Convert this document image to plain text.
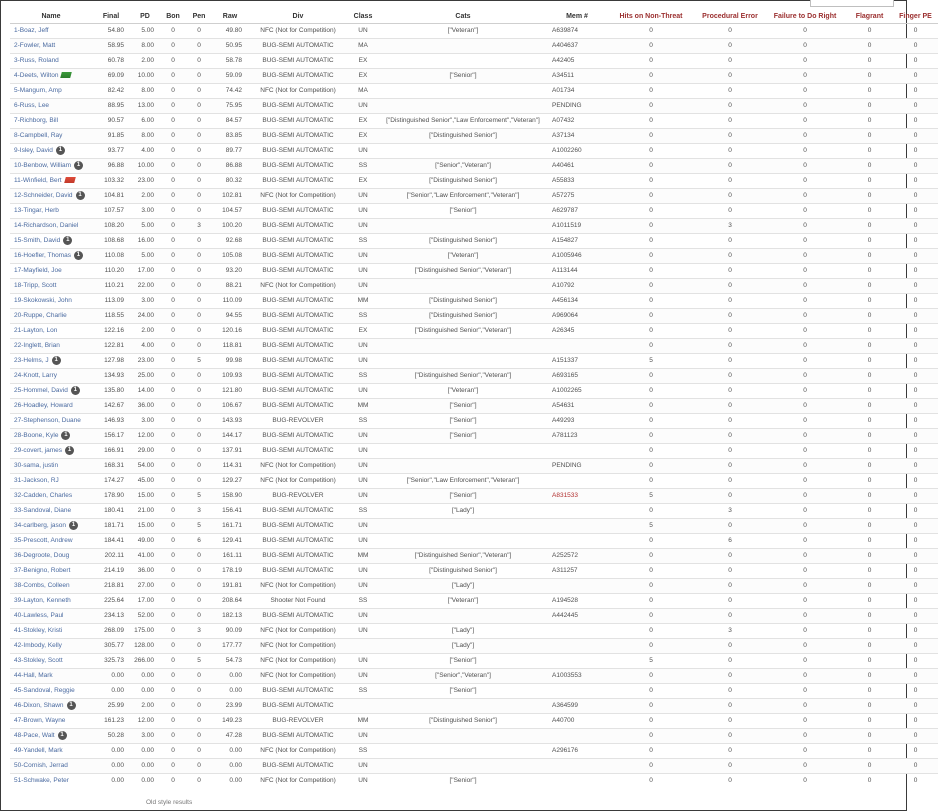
Name	Final	PD	Bon	Pen	Raw	Div	Class	Cats	Mem #	Hits on Non-Threat	Procedural Error	Failure to Do Right	Flagrant	Finger PE
1-Boaz, Jeff	54.80	5.00	0	0	49.80	NFC (Not for Competition)	UN	["Veteran"]	A639874	0	0	0	0	0
2-Fowler, Matt	58.95	8.00	0	0	50.95	BUG-SEMI AUTOMATIC	MA		A404637	0	0	0	0	0
3-Russ, Roland	60.78	2.00	0	0	58.78	BUG-SEMI AUTOMATIC	EX		A42405	0	0	0	0	0
4-Deets, Wilton	69.09	10.00	0	0	59.09	BUG-SEMI AUTOMATIC	EX	["Senior"]	A34511	0	0	0	0	0
5-Mangum, Amp	82.42	8.00	0	0	74.42	NFC (Not for Competition)	MA		A01734	0	0	0	0	0
6-Russ, Lee	88.95	13.00	0	0	75.95	BUG-SEMI AUTOMATIC	UN		PENDING	0	0	0	0	0
7-Richborg, Bill	90.57	6.00	0	0	84.57	BUG-SEMI AUTOMATIC	EX	["Distinguished Senior","Law Enforcement","Veteran"]	A07432	0	0	0	0	0
8-Campbell, Ray	91.85	8.00	0	0	83.85	BUG-SEMI AUTOMATIC	EX	["Distinguished Senior"]	A37134	0	0	0	0	0
9-Isley, David 1	93.77	4.00	0	0	89.77	BUG-SEMI AUTOMATIC	UN		A1002260	0	0	0	0	0
10-Benbow, William 1	96.88	10.00	0	0	86.88	BUG-SEMI AUTOMATIC	SS	["Senior","Veteran"]	A40461	0	0	0	0	0
11-Winfield, Bert	103.32	23.00	0	0	80.32	BUG-SEMI AUTOMATIC	EX	["Distinguished Senior"]	A55833	0	0	0	0	0
12-Schneider, David 1	104.81	2.00	0	0	102.81	NFC (Not for Competition)	UN	["Senior","Law Enforcement","Veteran"]	A57275	0	0	0	0	0
13-Tingar, Herb	107.57	3.00	0	0	104.57	BUG-SEMI AUTOMATIC	UN	["Senior"]	A629787	0	0	0	0	0
14-Richardson, Daniel	108.20	5.00	0	3	100.20	BUG-SEMI AUTOMATIC	UN		A1011519	0	3	0	0	0
15-Smith, David 1	108.68	16.00	0	0	92.68	BUG-SEMI AUTOMATIC	SS	["Distinguished Senior"]	A154827	0	0	0	0	0
16-Hoefler, Thomas 1	110.08	5.00	0	0	105.08	BUG-SEMI AUTOMATIC	UN	["Veteran"]	A1005946	0	0	0	0	0
17-Mayfield, Joe	110.20	17.00	0	0	93.20	BUG-SEMI AUTOMATIC	UN	["Distinguished Senior","Veteran"]	A113144	0	0	0	0	0
18-Tripp, Scott	110.21	22.00	0	0	88.21	NFC (Not for Competition)	UN		A10792	0	0	0	0	0
19-Skokowski, John	113.09	3.00	0	0	110.09	BUG-SEMI AUTOMATIC	MM	["Distinguished Senior"]	A456134	0	0	0	0	0
20-Ruppe, Charlie	118.55	24.00	0	0	94.55	BUG-SEMI AUTOMATIC	SS	["Distinguished Senior"]	A969064	0	0	0	0	0
21-Layton, Lon	122.16	2.00	0	0	120.16	BUG-SEMI AUTOMATIC	EX	["Distinguished Senior","Veteran"]	A26345	0	0	0	0	0
22-Inglett, Brian	122.81	4.00	0	0	118.81	BUG-SEMI AUTOMATIC	UN			0	0	0	0	0
23-Helms, J 1	127.98	23.00	0	5	99.98	BUG-SEMI AUTOMATIC	UN		A151337	5	0	0	0	0
24-Knott, Larry	134.93	25.00	0	0	109.93	BUG-SEMI AUTOMATIC	SS	["Distinguished Senior","Veteran"]	A693165	0	0	0	0	0
25-Hommel, David 1	135.80	14.00	0	0	121.80	BUG-SEMI AUTOMATIC	UN	["Veteran"]	A1002265	0	0	0	0	0
26-Hoadley, Howard	142.67	36.00	0	0	106.67	BUG-SEMI AUTOMATIC	MM	["Senior"]	A54631	0	0	0	0	0
27-Stephenson, Duane	146.93	3.00	0	0	143.93	BUG-REVOLVER	SS	["Senior"]	A49293	0	0	0	0	0
28-Boone, Kyle 1	156.17	12.00	0	0	144.17	BUG-SEMI AUTOMATIC	UN	["Senior"]	A781123	0	0	0	0	0
29-covert, james 1	166.91	29.00	0	0	137.91	BUG-SEMI AUTOMATIC	UN			0	0	0	0	0
30-sama, justin	168.31	54.00	0	0	114.31	NFC (Not for Competition)	UN		PENDING	0	0	0	0	0
31-Jackson, RJ	174.27	45.00	0	0	129.27	NFC (Not for Competition)	UN	["Senior","Law Enforcement","Veteran"]		0	0	0	0	0
32-Cadden, Charles	178.90	15.00	0	5	158.90	BUG-REVOLVER	UN	["Senior"]	A831533	5	0	0	0	0
33-Sandoval, Diane	180.41	21.00	0	3	156.41	BUG-SEMI AUTOMATIC	SS	["Lady"]		0	3	0	0	0
34-carlberg, jason 1	181.71	15.00	0	5	161.71	BUG-SEMI AUTOMATIC	UN			5	0	0	0	0
35-Prescott, Andrew	184.41	49.00	0	6	129.41	BUG-SEMI AUTOMATIC	UN			0	6	0	0	0
36-Degroote, Doug	202.11	41.00	0	0	161.11	BUG-SEMI AUTOMATIC	MM	["Distinguished Senior","Veteran"]	A252572	0	0	0	0	0
37-Benigno, Robert	214.19	36.00	0	0	178.19	BUG-SEMI AUTOMATIC	UN	["Distinguished Senior"]	A311257	0	0	0	0	0
38-Combs, Colleen	218.81	27.00	0	0	191.81	NFC (Not for Competition)	UN	["Lady"]		0	0	0	0	0
39-Layton, Kenneth	225.64	17.00	0	0	208.64	Shooter Not Found	SS	["Veteran"]	A194528	0	0	0	0	0
40-Lawless, Paul	234.13	52.00	0	0	182.13	BUG-SEMI AUTOMATIC	UN		A442445	0	0	0	0	0
41-Stokley, Kristi	268.09	175.00	0	3	90.09	NFC (Not for Competition)	UN	["Lady"]		0	3	0	0	0
42-Imbody, Kelly	305.77	128.00	0	0	177.77	NFC (Not for Competition)		["Lady"]		0	0	0	0	0
43-Stokley, Scott	325.73	266.00	0	5	54.73	NFC (Not for Competition)	UN	["Senior"]		5	0	0	0	0
44-Hall, Mark	0.00	0.00	0	0	0.00	NFC (Not for Competition)	UN	["Senior","Veteran"]	A1003553	0	0	0	0	0
45-Sandoval, Reggie	0.00	0.00	0	0	0.00	BUG-SEMI AUTOMATIC	SS	["Senior"]		0	0	0	0	0
46-Dixon, Shawn 1	25.99	2.00	0	0	23.99	BUG-SEMI AUTOMATIC			A364599	0	0	0	0	0
47-Brown, Wayne	161.23	12.00	0	0	149.23	BUG-REVOLVER	MM	["Distinguished Senior"]	A40700	0	0	0	0	0
48-Pace, Walt 1	50.28	3.00	0	0	47.28	BUG-SEMI AUTOMATIC	UN			0	0	0	0	0
49-Yandell, Mark	0.00	0.00	0	0	0.00	NFC (Not for Competition)	SS		A296176	0	0	0	0	0
50-Cornish, Jerrad	0.00	0.00	0	0	0.00	BUG-SEMI AUTOMATIC	UN			0	0	0	0	0
51-Schwake, Peter	0.00	0.00	0	0	0.00	NFC (Not for Competition)	UN	["Senior"]		0	0	0	0	0
Old style results
